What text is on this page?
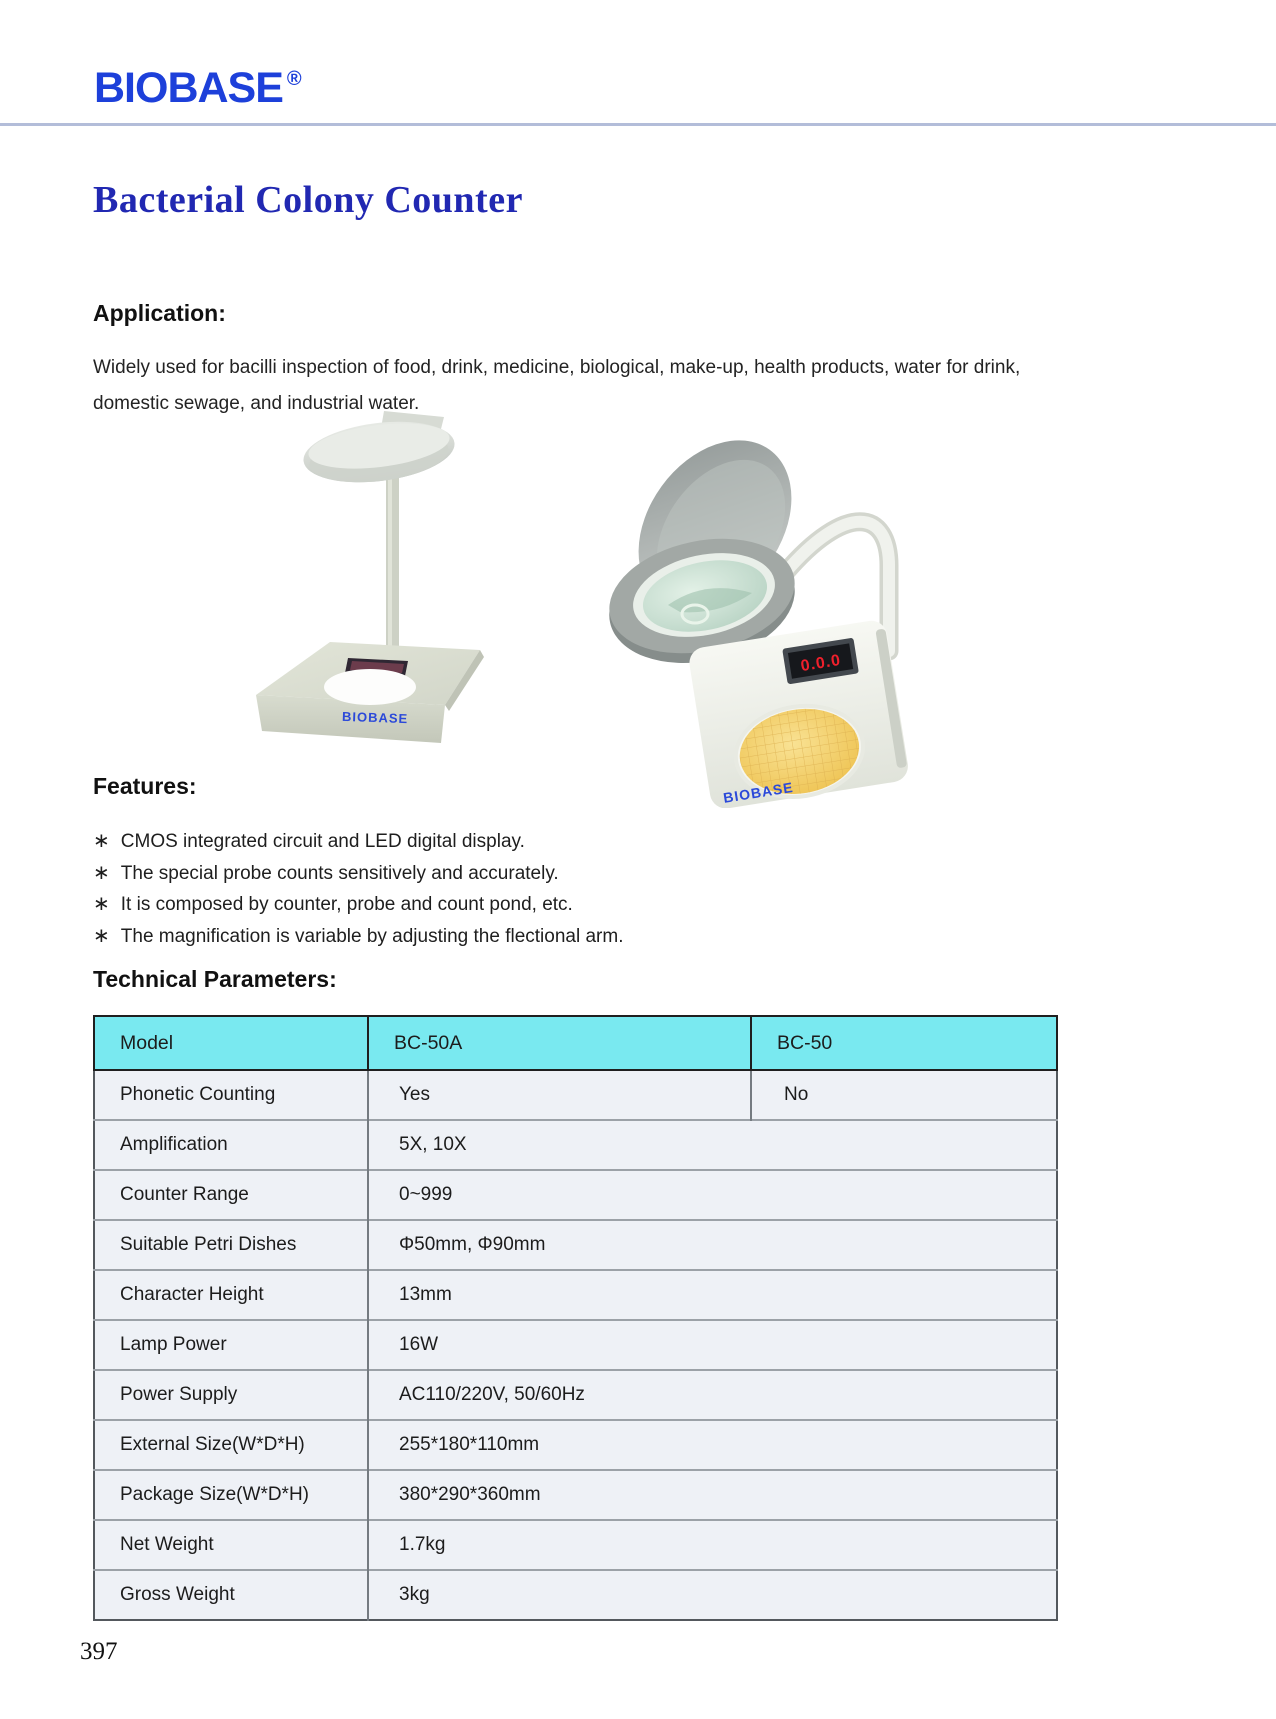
BIOBASE ®
Bacterial Colony Counter
Application:

Widely used for bacilli inspection of food, drink, medicine, biological, make-up, health products, water for drink, domestic sewage, and industrial water.

BIOBASE
0.0.0
BIOBASE
Features:
∗ CMOS integrated circuit and LED digital display.
∗ The special probe counts sensitively and accurately.
∗ It is composed by counter, probe and count pond, etc.
∗ The magnification is variable by adjusting the flectional arm.
Technical Parameters:
Model	BC-50A	BC-50
Phonetic Counting	Yes	No
Amplification	5X, 10X	
Counter Range	0~999	
Suitable Petri Dishes	Φ50mm, Φ90mm	
Character Height	13mm	
Lamp Power	16W	
Power Supply	AC110/220V, 50/60Hz	
External Size(W*D*H)	255*180*110mm	
Package Size(W*D*H)	380*290*360mm	
Net Weight	1.7kg	
Gross Weight	3kg	
397
